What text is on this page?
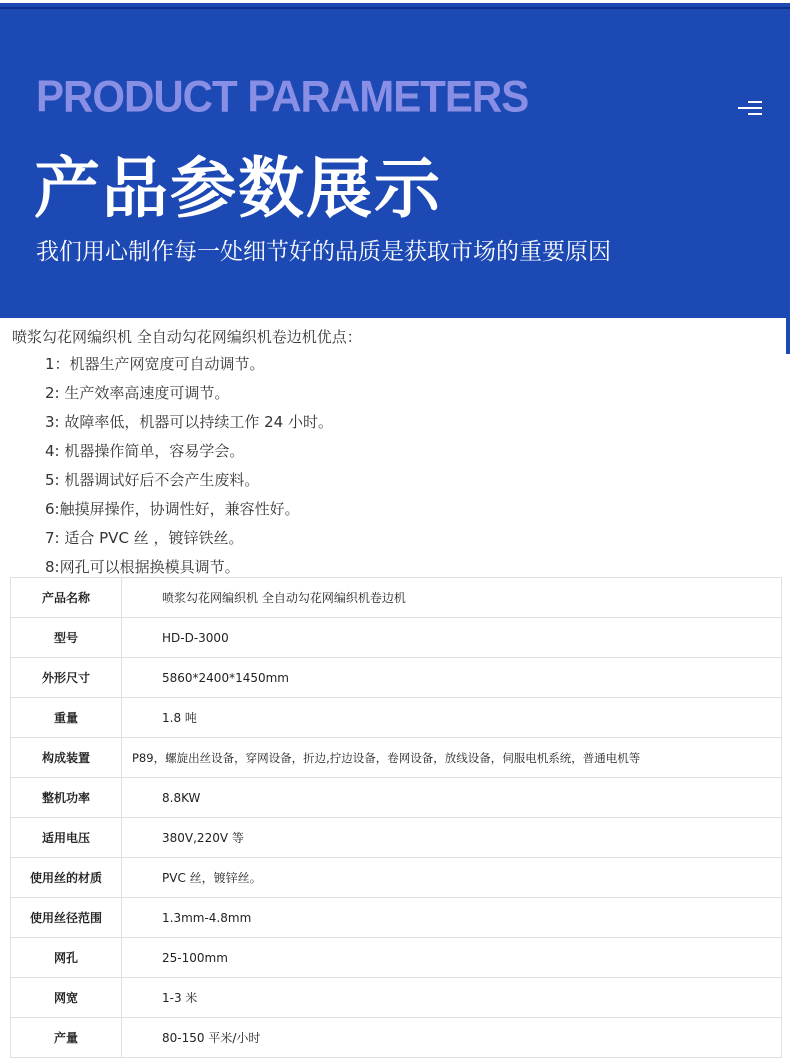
PRODUCT PARAMETERS
产品参数展示
我们用心制作每一处细节好的品质是获取市场的重要原因
喷浆勾花网编织机 全自动勾花网编织机卷边机优点：
1：机器生产网宽度可自动调节。
2: 生产效率高速度可调节。
3: 故障率低，机器可以持续工作 24 小时。
4: 机器操作简单，容易学会。
5: 机器调试好后不会产生废料。
6:触摸屏操作，协调性好，兼容性好。
7: 适合 PVC 丝 ，镀锌铁丝。
8:网孔可以根据换模具调节。
产品名称	喷浆勾花网编织机 全自动勾花网编织机卷边机
型号	HD-D-3000
外形尺寸	5860*2400*1450mm
重量	1.8 吨
构成装置	P89，螺旋出丝设备，穿网设备，折边,拧边设备，卷网设备，放线设备，伺服电机系统，普通电机等
整机功率	8.8KW
适用电压	380V,220V 等
使用丝的材质	PVC 丝，镀锌丝。
使用丝径范围	1.3mm-4.8mm
网孔	25-100mm
网宽	1-3 米
产量	80-150 平米/小时
